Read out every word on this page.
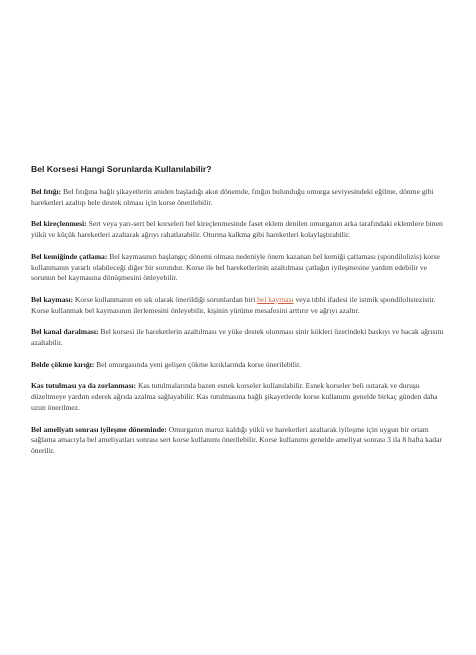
Bel Korsesi Hangi Sorunlarda Kullanılabilir?

Bel fıtığı: Bel fıtığına bağlı şikayetlerin aniden başladığı akut dönemde, fıtığın bulunduğu omurga seviyesindeki eğilme, dönme gibi hareketleri azaltıp bele destek olması için korse önerilebilir.

Bel kireçlenmesi: Sert veya yarı-sert bel korseleri bel kireçlenmesinde faset eklem denilen omurganın arka tarafındaki eklemlere binen yükü ve küçük hareketleri azaltarak ağrıyı rahatlatabilir. Oturma kalkma gibi hareketleri kolaylaştırabilir.

Bel kemiğinde çatlama: Bel kaymasının başlangıç dönemi olması nedeniyle önem kazanan bel kemiği çatlaması (spondilolizis) korse kullanmanın yararlı olabileceği diğer bir sorundur. Korse ile bel hareketlerinin azaltılması çatlağın iyileşmesine yardım edebilir ve sorunun bel kaymasına dönüşmesini önleyebilir.

Bel kayması: Korse kullanmanın en sık olarak önerildiği sorunlardan biri bel kayması veya tıbbi ifadesi ile istmik spondilolistezistir. Korse kullanmak bel kaymasının ilerlemesini önleyebilir, kişinin yürüme mesafesini arttırır ve ağrıyı azaltır.

Bel kanal daralması: Bel korsesi ile hareketlerin azaltılması ve yüke destek olunması sinir kökleri üzerindeki baskıyı ve bacak ağrısını azaltabilir.

Belde çökme kırığı: Bel omurgasında yeni gelişen çökme kırıklarında korse önerilebilir.

Kas tutulması ya da zorlanması: Kas tutulmalarında bazen esnek korseler kullanılabilir. Esnek korseler beli ısıtarak ve duruşu düzeltmeye yardım ederek ağrıda azalma sağlayabilir. Kas tutulmasına bağlı şikayetlerde korse kullanımı genelde birkaç günden daha uzun önerilmez.

Bel ameliyatı sonrası iyileşme döneminde: Omurganın maruz kaldığı yükü ve hareketleri azaltarak iyileşme için uygun bir ortam sağlama amacıyla bel ameliyatları sonrası sert korse kullanımı önerilebilir. Korse kullanımı genelde ameliyat sonrası 3 ila 8 hafta kadar önerilir.
